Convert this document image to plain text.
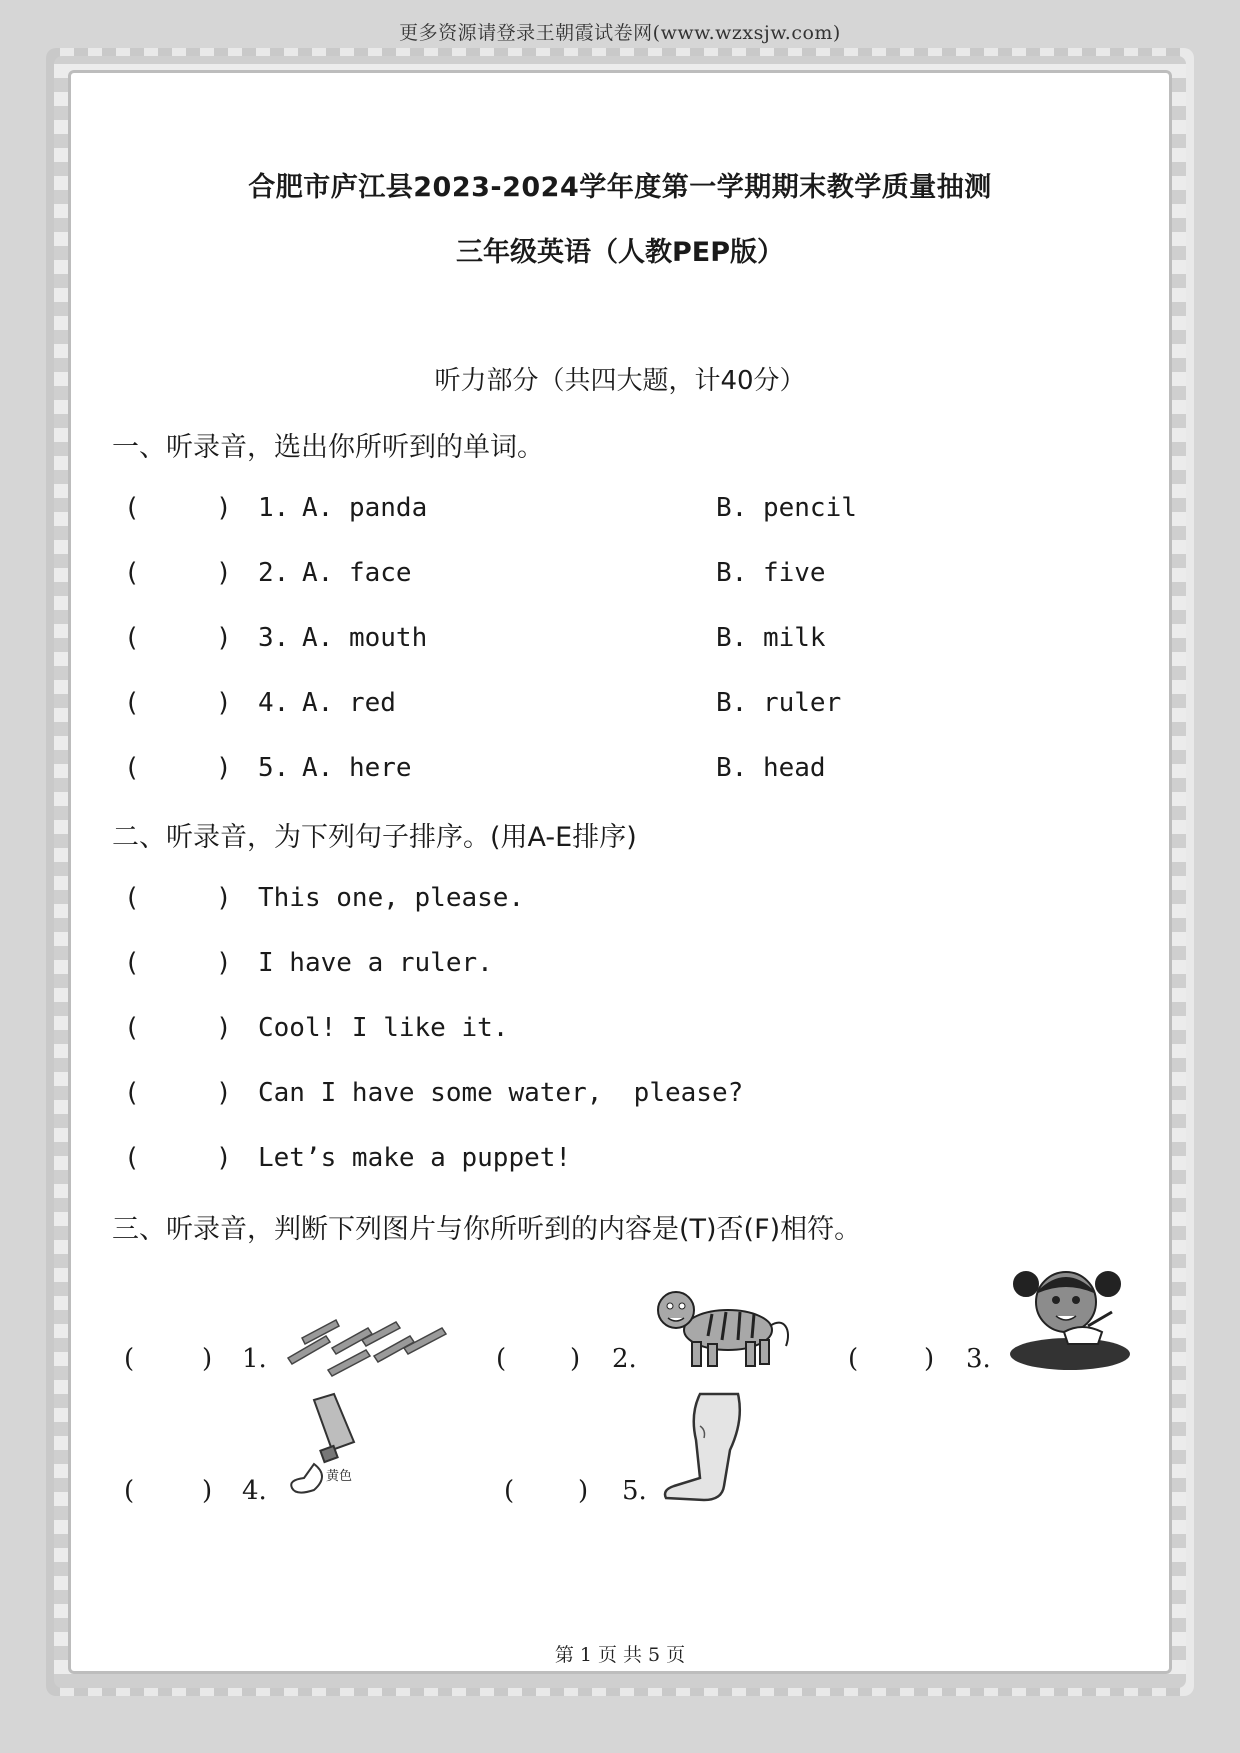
更多资源请登录王朝霞试卷网(www.wzxsjw.com)
合肥市庐江县2023-2024学年度第一学期期末教学质量抽测
三年级英语（人教PEP版）
听力部分（共四大题，计40分）
一、听录音，选出你所听到的单词。
(	) 1. A. panda	B. pencil
(	) 2. A. face	B. five
(	) 3. A. mouth	B. milk
(	) 4. A. red	B. ruler
(	) 5. A. here	B. head
二、听录音，为下列句子排序。(用A-E排序)
(	) This one, please.
(	) I have a ruler.
(	) Cool! I like it.
(	) Can I have some water,  please?
(	) Let’s make a puppet!
三、听录音，判断下列图片与你所听到的内容是(T)否(F)相符。
(	) 1.	( ) 2.	(	) 3.
(	) 4.	黄色	( ) 5.
第 1 页 共 5 页
